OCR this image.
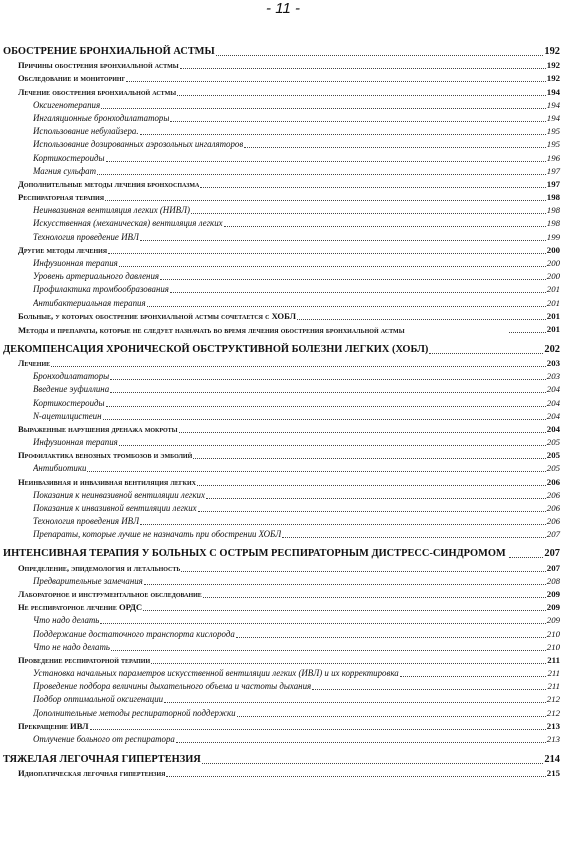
- 11 -
ОБОСТРЕНИЕ БРОНХИАЛЬНОЙ АСТМЫ	192
Причины обострения бронхиальной астмы	192
Обследование и мониторинг	192
Лечение обострения бронхиальной астмы	194
Оксигенотерапия	194
Ингаляционные бронходилататоры	194
Использование небулайзера.	195
Использование дозированных аэрозольных ингаляторов	195
Кортикостероиды	196
Магния сульфат	197
Дополнительные методы лечения бронхоспазма	197
Респираторная терапия	198
Неинвазивная вентиляция легких (НИВЛ)	198
Искусственная (механическая) вентиляция легких	198
Технология проведение ИВЛ	199
Другие методы лечения	200
Инфузионная терапия	200
Уровень артериального давления	200
Профилактика тромбообразования	201
Антибактериальная терапия	201
Больные, у которых обострение бронхиальной астмы сочетается с ХОБЛ	201
Методы и препараты, которые не следует назначать во время лечения обострения бронхиальной астмы	201
ДЕКОМПЕНСАЦИЯ ХРОНИЧЕСКОЙ ОБСТРУКТИВНОЙ БОЛЕЗНИ ЛЕГКИХ (ХОБЛ)	202
Лечение	203
Бронходилататоры	203
Введение эуфиллина	204
Кортикостероиды	204
N-ацетилцистеин	204
Выраженные нарушения дренажа мокроты	204
Инфузионная терапия	205
Профилактика венозных тромбозов и эмболий	205
Антибиотики	205
Неинвазивная и инвазивная вентиляция легких	206
Показания к неинвазивной вентиляции легких	206
Показания к инвазивной вентиляции легких	206
Технология проведения ИВЛ	206
Препараты, которые лучше не назначать при обострении ХОБЛ	207
ИНТЕНСИВНАЯ ТЕРАПИЯ У БОЛЬНЫХ С ОСТРЫМ РЕСПИРАТОРНЫМ ДИСТРЕСС-СИНДРОМОМ	207
Определение, эпидемология и летальность	207
Предварительные замечания	208
Лабораторное и инструментальное обследование	209
Не респираторное лечение ОРДС	209
Что надо делать	209
Поддержание достаточного транспорта кислорода	210
Что не надо делать	210
Проведение респираторной терапии	211
Установка начальных параметров искусственной вентиляции легких (ИВЛ) и их корректировка	211
Проведение подбора величины дыхательного объема и частоты дыхания	211
Подбор оптимальной оксигенации	212
Дополнительные методы респираторной поддержки	212
Прекращение ИВЛ	213
Отлучение больного от респиратора	213
ТЯЖЕЛАЯ ЛЕГОЧНАЯ ГИПЕРТЕНЗИЯ	214
Идиопатическая легочная гипертензия	215
